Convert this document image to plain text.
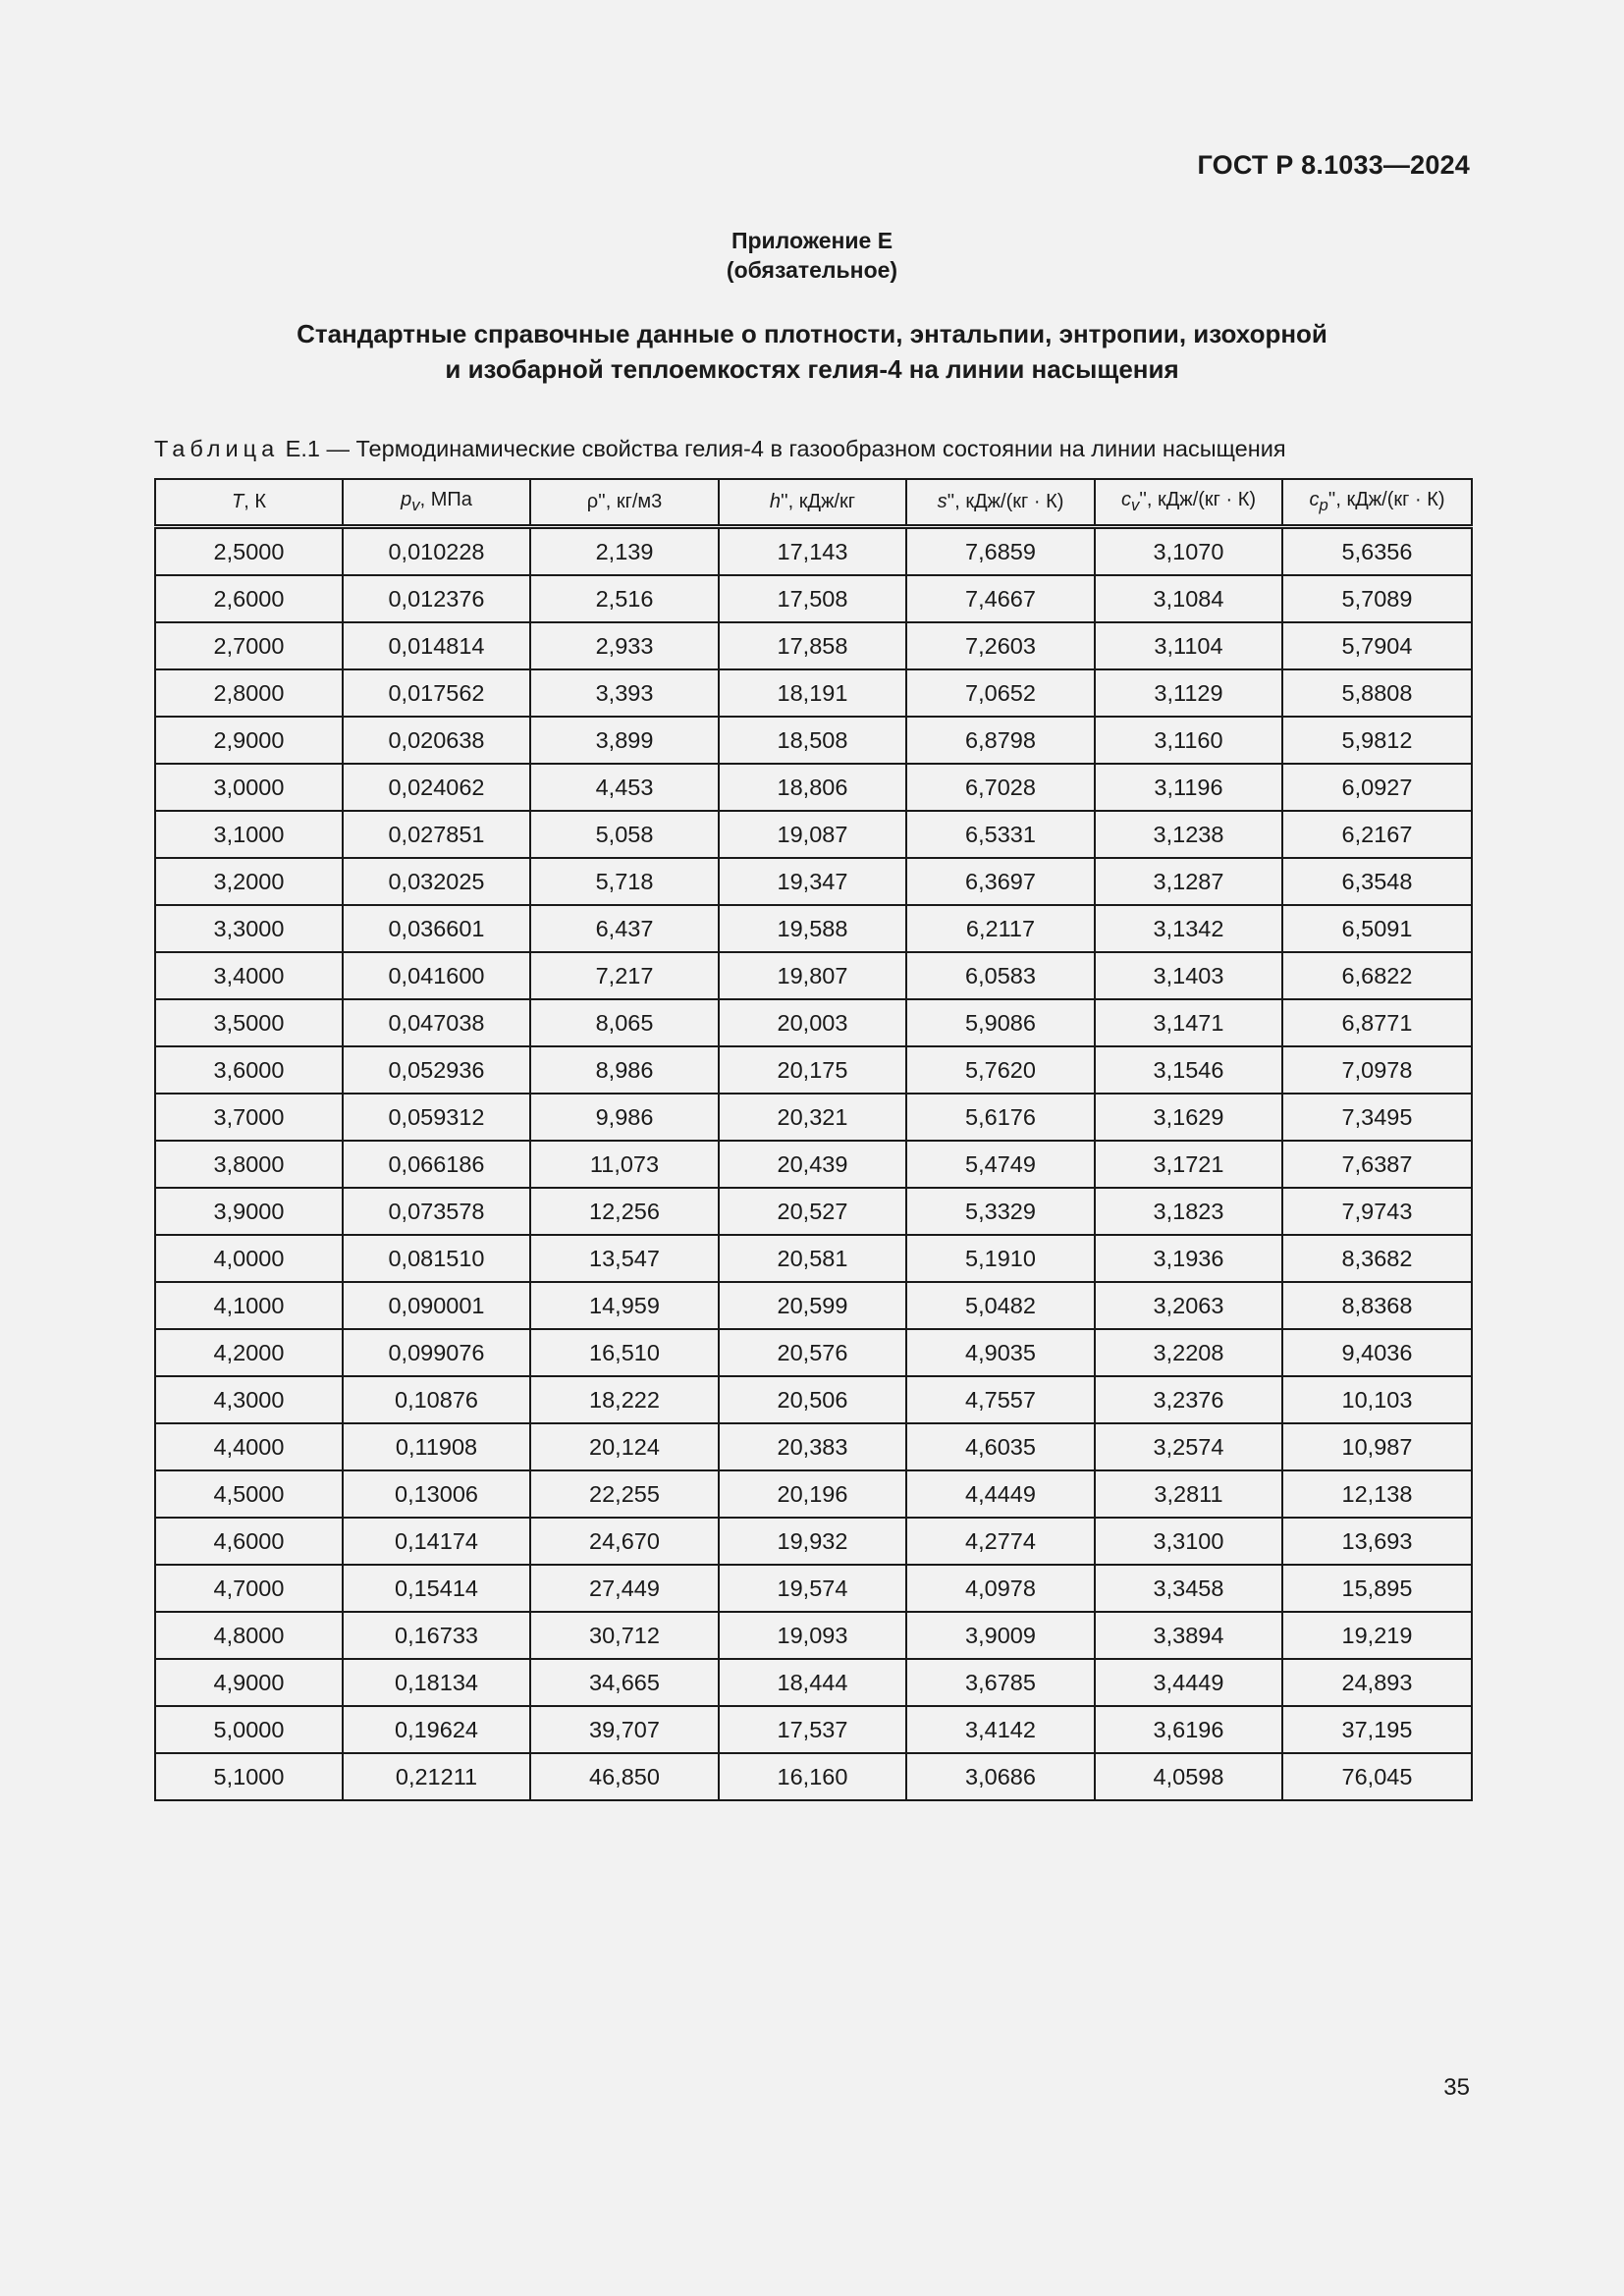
ГОСТ Р 8.1033—2024
Приложение Е
(обязательное)
Стандартные справочные данные о плотности, энтальпии, энтропии, изохорной
и изобарной теплоемкостях гелия-4 на линии насыщения
Таблица Е.1 — Термодинамические свойства гелия-4 в газообразном состоянии на линии насыщения
T, К	$p_v$, МПа	ρ'', кг/м3	h'', кДж/кг	s'', кДж/(кг · К)	$c_v''$, кДж/(кг · К)	$c_p''$, кДж/(кг · К)
2,5000	0,010228	2,139	17,143	7,6859	3,1070	5,6356
2,6000	0,012376	2,516	17,508	7,4667	3,1084	5,7089
2,7000	0,014814	2,933	17,858	7,2603	3,1104	5,7904
2,8000	0,017562	3,393	18,191	7,0652	3,1129	5,8808
2,9000	0,020638	3,899	18,508	6,8798	3,1160	5,9812
3,0000	0,024062	4,453	18,806	6,7028	3,1196	6,0927
3,1000	0,027851	5,058	19,087	6,5331	3,1238	6,2167
3,2000	0,032025	5,718	19,347	6,3697	3,1287	6,3548
3,3000	0,036601	6,437	19,588	6,2117	3,1342	6,5091
3,4000	0,041600	7,217	19,807	6,0583	3,1403	6,6822
3,5000	0,047038	8,065	20,003	5,9086	3,1471	6,8771
3,6000	0,052936	8,986	20,175	5,7620	3,1546	7,0978
3,7000	0,059312	9,986	20,321	5,6176	3,1629	7,3495
3,8000	0,066186	11,073	20,439	5,4749	3,1721	7,6387
3,9000	0,073578	12,256	20,527	5,3329	3,1823	7,9743
4,0000	0,081510	13,547	20,581	5,1910	3,1936	8,3682
4,1000	0,090001	14,959	20,599	5,0482	3,2063	8,8368
4,2000	0,099076	16,510	20,576	4,9035	3,2208	9,4036
4,3000	0,10876	18,222	20,506	4,7557	3,2376	10,103
4,4000	0,11908	20,124	20,383	4,6035	3,2574	10,987
4,5000	0,13006	22,255	20,196	4,4449	3,2811	12,138
4,6000	0,14174	24,670	19,932	4,2774	3,3100	13,693
4,7000	0,15414	27,449	19,574	4,0978	3,3458	15,895
4,8000	0,16733	30,712	19,093	3,9009	3,3894	19,219
4,9000	0,18134	34,665	18,444	3,6785	3,4449	24,893
5,0000	0,19624	39,707	17,537	3,4142	3,6196	37,195
5,1000	0,21211	46,850	16,160	3,0686	4,0598	76,045
35
